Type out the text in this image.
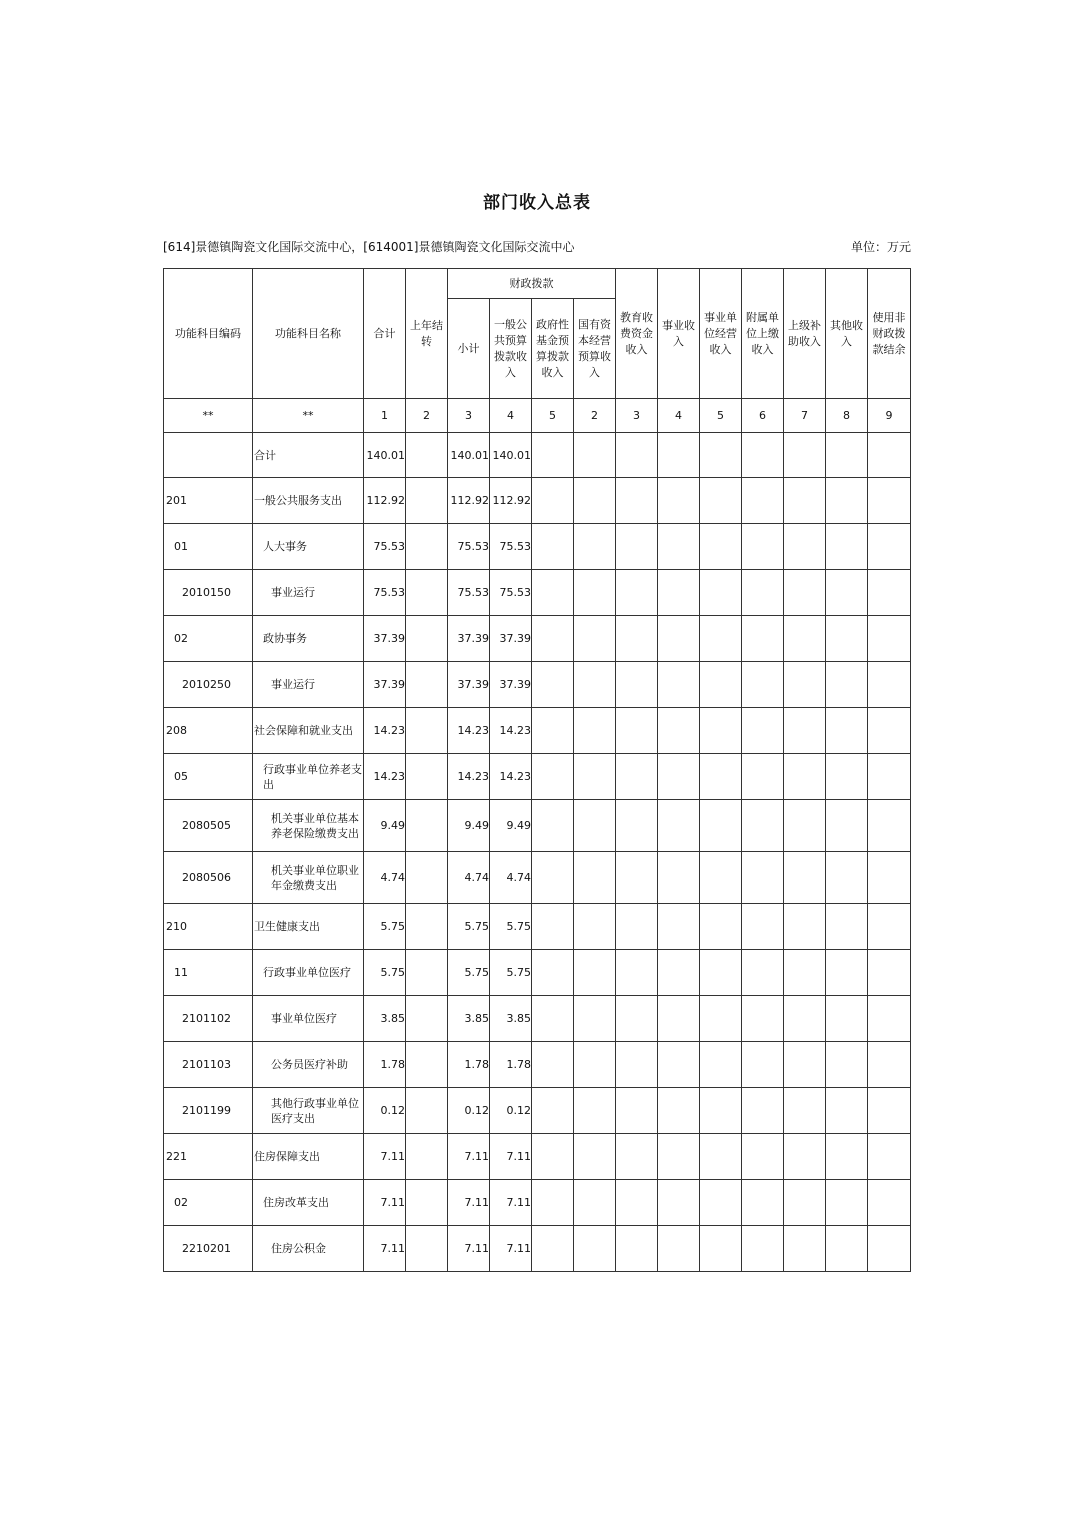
部门收入总表
[614]景德镇陶瓷文化国际交流中心，[614001]景德镇陶瓷文化国际交流中心	单位：万元
功能科目编码	功能科目名称	合计	上年结转	财政拨款				教育收费资金收入	事业收入	事业单位经营收入	附属单位上缴收入	上级补助收入	其他收入	使用非财政拨款结余
				小计	一般公共预算拨款收入	政府性基金预算拨款收入	国有资本经营预算收入							
**	**	1	2	3	4	5	2	3	4	5	6	7	8	9
	合计	140.01		140.01	140.01									
201	一般公共服务支出	112.92		112.92	112.92									
01	人大事务	75.53		75.53	75.53									
2010150	事业运行	75.53		75.53	75.53									
02	政协事务	37.39		37.39	37.39									
2010250	事业运行	37.39		37.39	37.39									
208	社会保障和就业支出	14.23		14.23	14.23									
05	行政事业单位养老支出	14.23		14.23	14.23									
2080505	机关事业单位基本养老保险缴费支出	9.49		9.49	9.49									
2080506	机关事业单位职业年金缴费支出	4.74		4.74	4.74									
210	卫生健康支出	5.75		5.75	5.75									
11	行政事业单位医疗	5.75		5.75	5.75									
2101102	事业单位医疗	3.85		3.85	3.85									
2101103	公务员医疗补助	1.78		1.78	1.78									
2101199	其他行政事业单位医疗支出	0.12		0.12	0.12									
221	住房保障支出	7.11		7.11	7.11									
02	住房改革支出	7.11		7.11	7.11									
2210201	住房公积金	7.11		7.11	7.11									
